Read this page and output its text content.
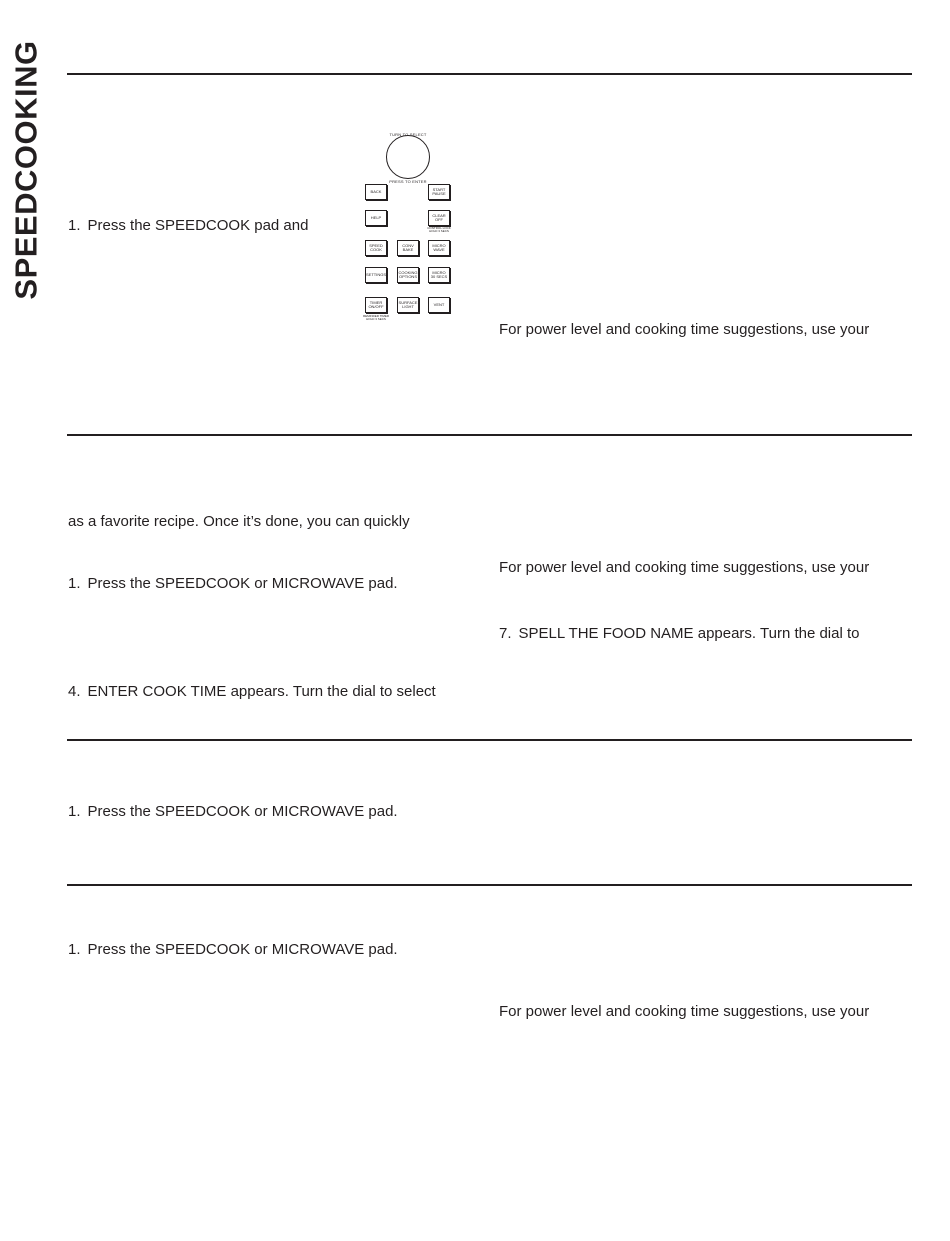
SPEEDCOOKING 1. Press the SPEEDCOOK pad and
TURN TO SELECT
PRESS TO ENTER
BACK	START
PAUSE
HELP	CLEAR
OFF
CONTROL LOCK
HOLD 3 SECS
SPEED
COOK
CONV
BAKE
MICRO
WAVE
SETTINGS	COOKING
OPTIONS
MICRO
30 SECS
TIMER
ON/OFF
SURFACE
LIGHT	VENT
REMINDER TIMER
HOLD 3 SECS
For power level and cooking time suggestions, use your
as a favorite recipe. Once it’s done, you can quickly
For power level and cooking time suggestions, use your
1. Press the SPEEDCOOK or MICROWAVE pad.
7. SPELL THE FOOD NAME appears. Turn the dial to
4. ENTER COOK TIME appears. Turn the dial to select
1. Press the SPEEDCOOK or MICROWAVE pad.
1. Press the SPEEDCOOK or MICROWAVE pad.
For power level and cooking time suggestions, use your
